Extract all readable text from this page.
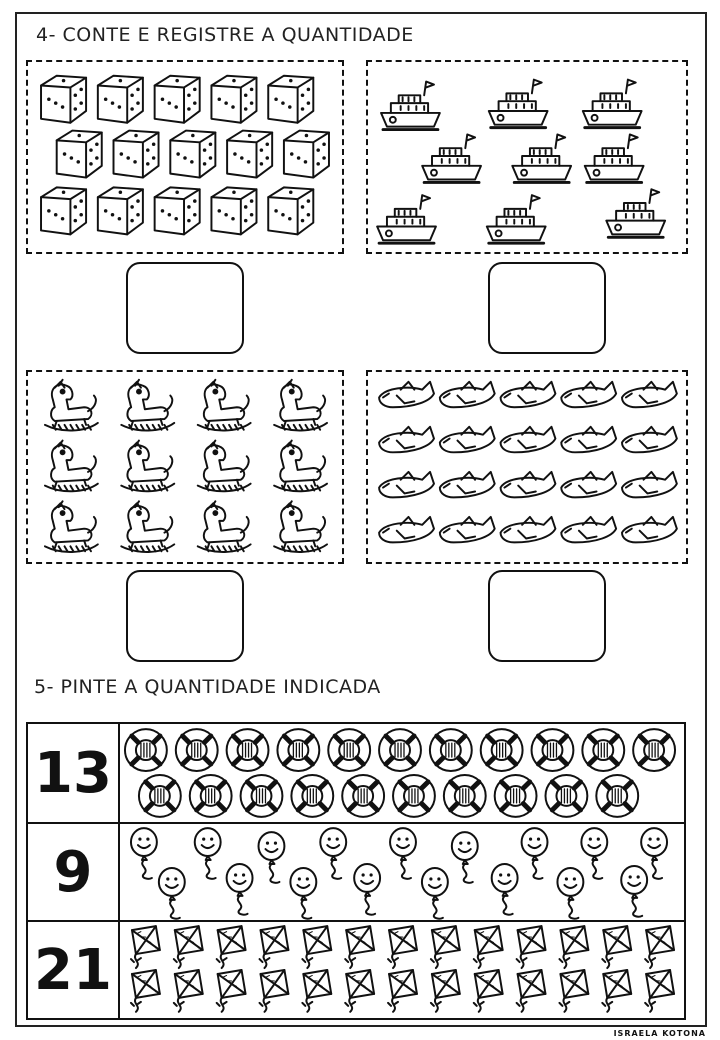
4- CONTE E REGISTRE A QUANTIDADE
5- PINTE A QUANTIDADE INDICADA
13
9
21
ISRAELA KOTONA
